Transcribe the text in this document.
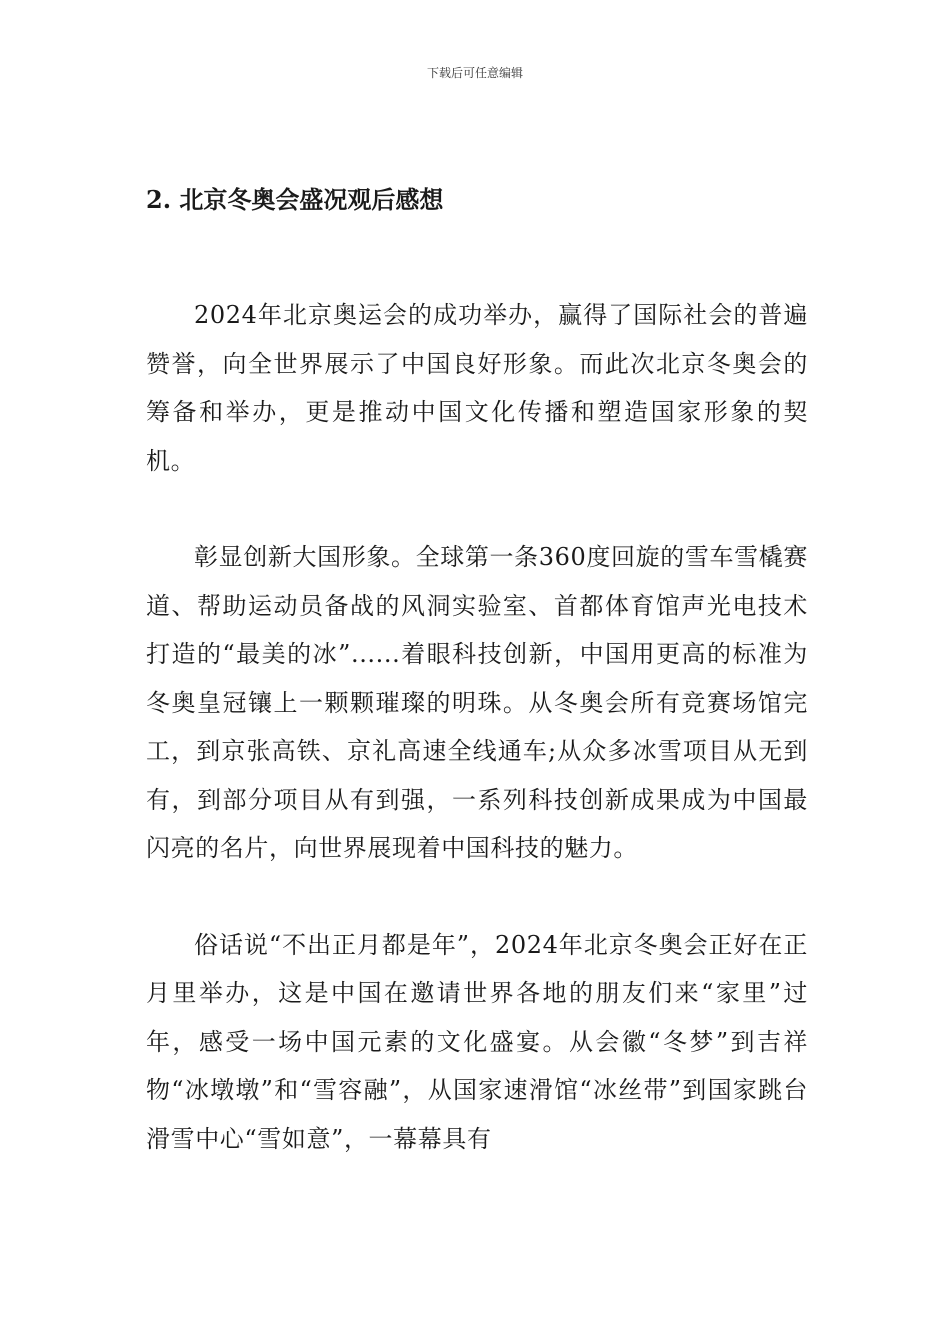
下载后可任意编辑
2. 北京冬奥会盛况观后感想

2024年北京奥运会的成功举办，赢得了国际社会的普遍赞誉，向全世界展示了中国良好形象。而此次北京冬奥会的筹备和举办，更是推动中国文化传播和塑造国家形象的契机。

彰显创新大国形象。全球第一条360度回旋的雪车雪橇赛道、帮助运动员备战的风洞实验室、首都体育馆声光电技术打造的“最美的冰”......着眼科技创新，中国用更高的标准为冬奥皇冠镶上一颗颗璀璨的明珠。从冬奥会所有竞赛场馆完工，到京张高铁、京礼高速全线通车;从众多冰雪项目从无到有，到部分项目从有到强，一系列科技创新成果成为中国最闪亮的名片，向世界展现着中国科技的魅力。

俗话说“不出正月都是年”，2024年北京冬奥会正好在正月里举办，这是中国在邀请世界各地的朋友们来“家里”过年，感受一场中国元素的文化盛宴。从会徽“冬梦”到吉祥物“冰墩墩”和“雪容融”，从国家速滑馆“冰丝带”到国家跳台滑雪中心“雪如意”，一幕幕具有
